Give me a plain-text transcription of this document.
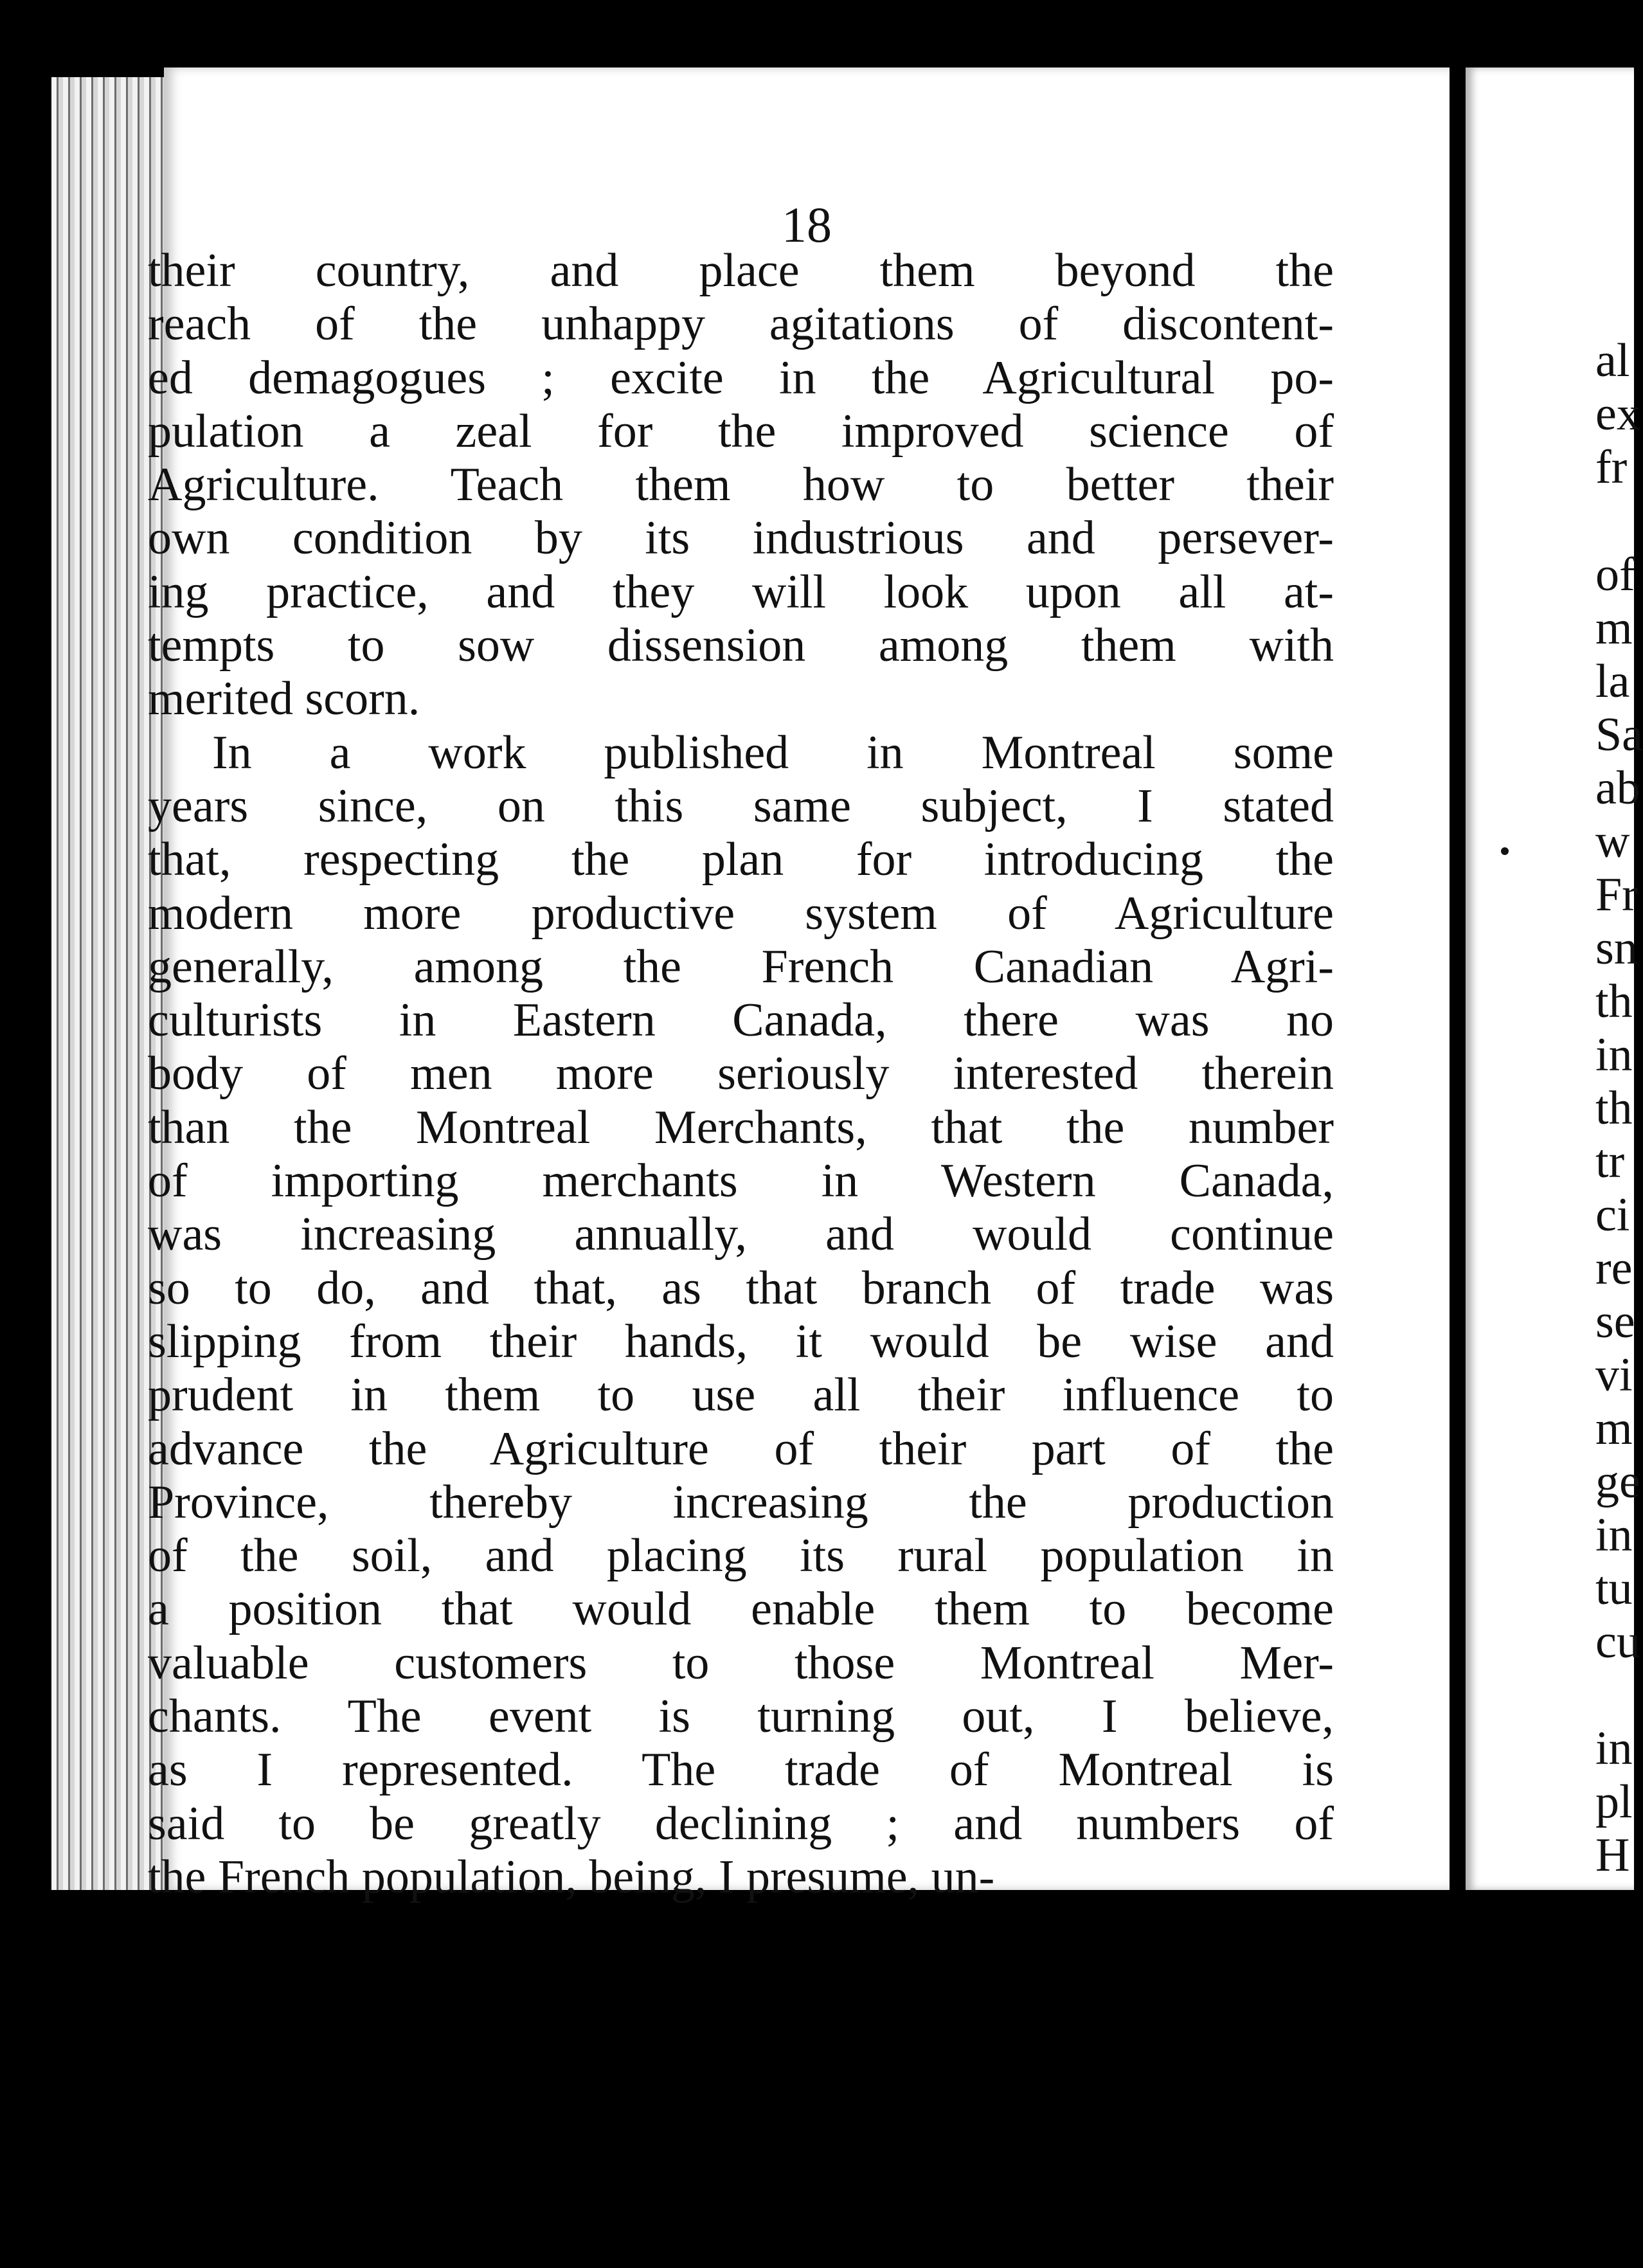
18
their country, and place them beyond the
reach of the unhappy agitations of discontent-
ed demagogues ; excite in the Agricultural po-
pulation a zeal for the improved science of
Agriculture. Teach them how to better their
own condition by its industrious and persever-
ing practice, and they will look upon all at-
tempts to sow dissension among them with
merited scorn.
In a work published in Montreal some
years since, on this same subject, I stated
that, respecting the plan for introducing the
modern more productive system of Agriculture
generally, among the French Canadian Agri-
culturists in Eastern Canada, there was no
body of men more seriously interested therein
than the Montreal Merchants, that the number
of importing merchants in Western Canada,
was increasing annually, and would continue
so to do, and that, as that branch of trade was
slipping from their hands, it would be wise and
prudent in them to use all their influence to
advance the Agriculture of their part of the
Province, thereby increasing the production
of the soil, and placing its rural population in
a position that would enable them to become
valuable customers to those Montreal Mer-
chants. The event is turning out, I believe,
as I represented. The trade of Montreal is
said to be greatly declining ; and numbers of
the French population, being, I presume, un-
al
ex
fr
of
m
la
Sa
ab
w
Fr
sn
th
in
th
tr
ci
re
se
vi
m
ge
in
tu
cu
in
pl
H
